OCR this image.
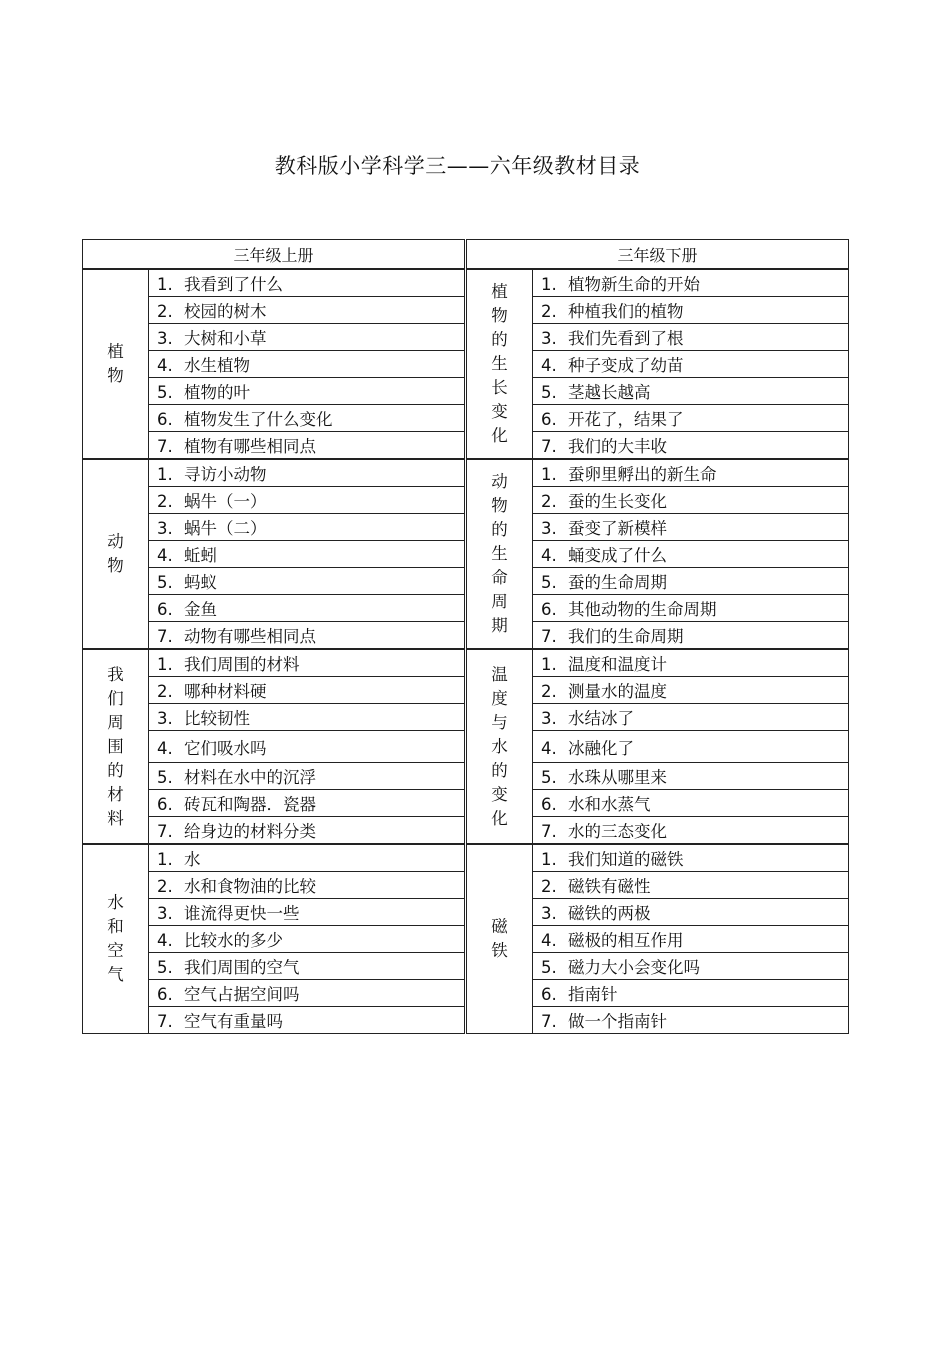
教科版小学科学三——六年级教材目录
三年级上册	
植物	1. 我看到了什么
	2. 校园的树木
	3. 大树和小草
	4. 水生植物
	5. 植物的叶
	6. 植物发生了什么变化
	7. 植物有哪些相同点
动物	1. 寻访小动物
	2. 蜗牛（一）
	3. 蜗牛（二）
	4. 蚯蚓
	5. 蚂蚁
	6. 金鱼
	7. 动物有哪些相同点
我们周围的材料	1. 我们周围的材料
	2. 哪种材料硬
	3. 比较韧性
	4. 它们吸水吗
	5. 材料在水中的沉浮
	6. 砖瓦和陶器．瓷器
	7. 给身边的材料分类
水和空气	1. 水
	2. 水和食物油的比较
	3. 谁流得更快一些
	4. 比较水的多少
	5. 我们周围的空气
	6. 空气占据空间吗
	7. 空气有重量吗
三年级下册	
植物的生长变化	1. 植物新生命的开始
	2. 种植我们的植物
	3. 我们先看到了根
	4. 种子变成了幼苗
	5. 茎越长越高
	6. 开花了，结果了
	7. 我们的大丰收
动物的生命周期	1. 蚕卵里孵出的新生命
	2. 蚕的生长变化
	3. 蚕变了新模样
	4. 蛹变成了什么
	5. 蚕的生命周期
	6. 其他动物的生命周期
	7. 我们的生命周期
温度与水的变化	1. 温度和温度计
	2. 测量水的温度
	3. 水结冰了
	4. 冰融化了
	5. 水珠从哪里来
	6. 水和水蒸气
	7. 水的三态变化
磁铁	1. 我们知道的磁铁
	2. 磁铁有磁性
	3. 磁铁的两极
	4. 磁极的相互作用
	5. 磁力大小会变化吗
	6. 指南针
	7. 做一个指南针
